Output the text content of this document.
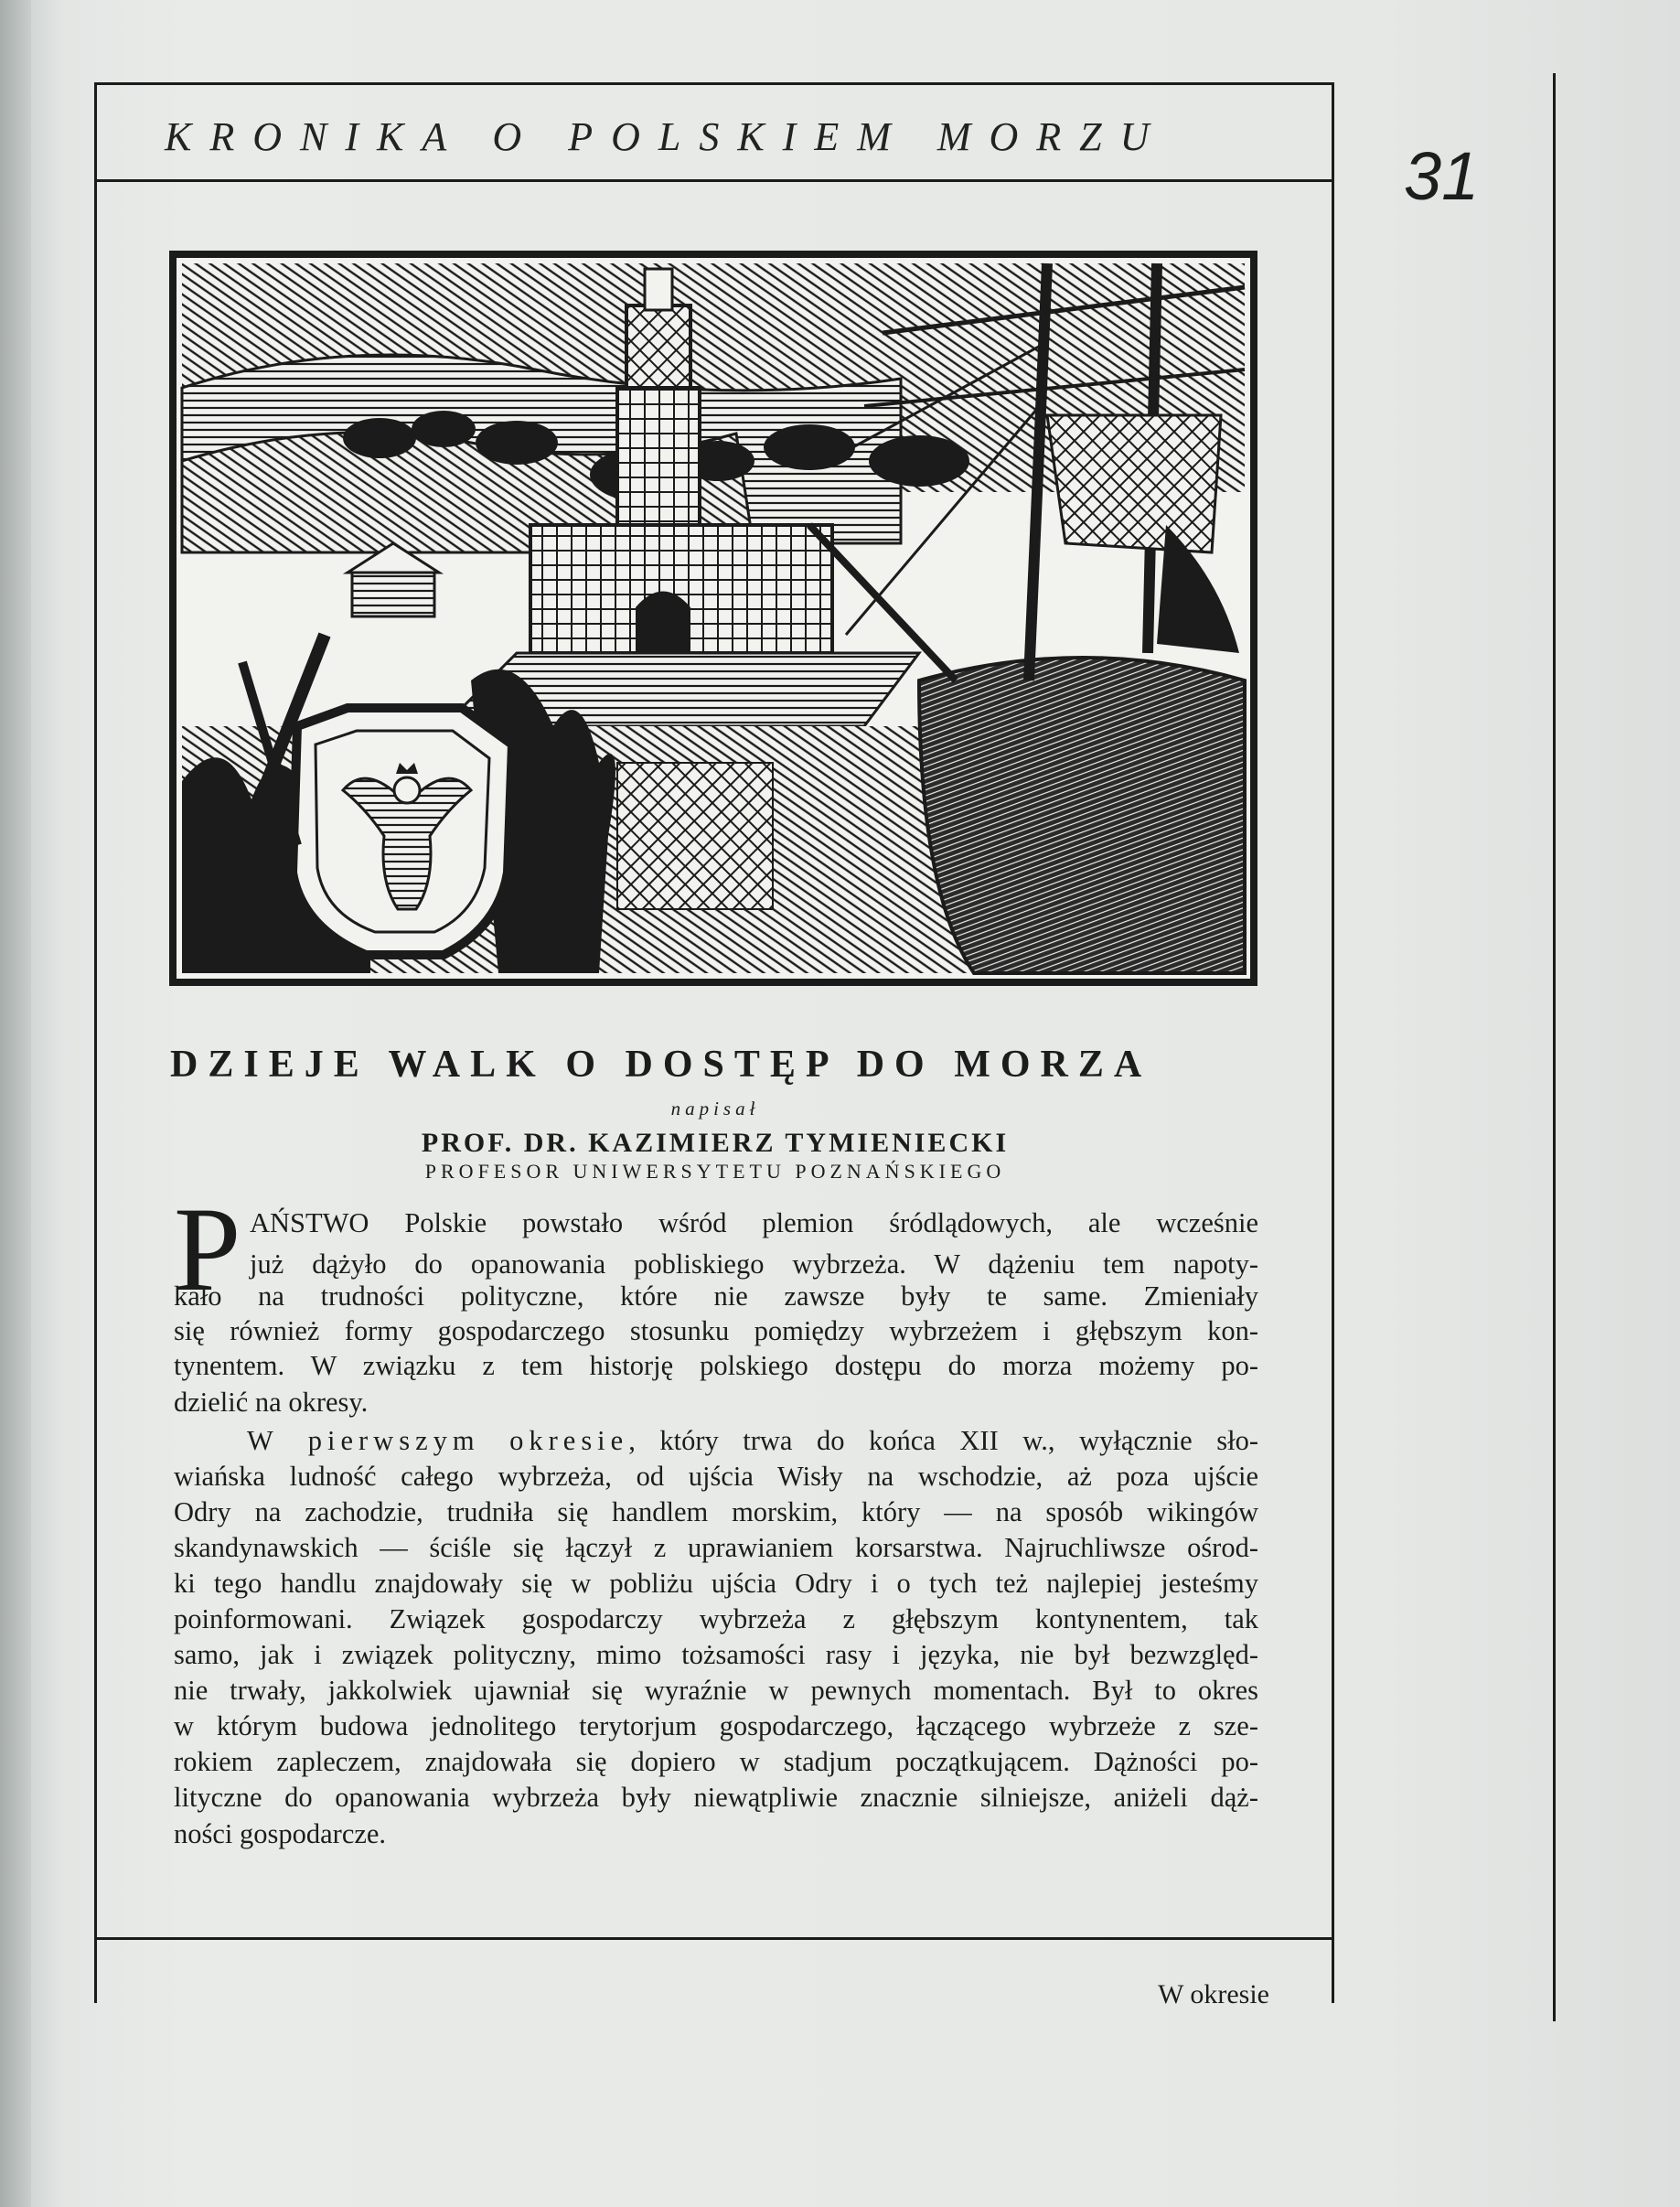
KRONIKA O POLSKIEM MORZU
31
DZIEJE WALK O DOSTĘP DO MORZA
napisał
PROF. DR. KAZIMIERZ TYMIENIECKI
PROFESOR UNIWERSYTETU POZNAŃSKIEGO
P AŃSTWO Polskie powstało wśród plemion śródlądowych, ale wcześnie
już dążyło do opanowania pobliskiego wybrzeża. W dążeniu tem napoty-
kało na trudności polityczne, które nie zawsze były te same. Zmieniały
się również formy gospodarczego stosunku pomiędzy wybrzeżem i głębszym kon-
tynentem. W związku z tem historję polskiego dostępu do morza możemy po-
dzielić na okresy.
W pierwszym okresie, który trwa do końca XII w., wyłącznie sło-
wiańska ludność całego wybrzeża, od ujścia Wisły na wschodzie, aż poza ujście
Odry na zachodzie, trudniła się handlem morskim, który — na sposób wikingów
skandynawskich — ściśle się łączył z uprawianiem korsarstwa. Najruchliwsze ośrod-
ki tego handlu znajdowały się w pobliżu ujścia Odry i o tych też najlepiej jesteśmy
poinformowani. Związek gospodarczy wybrzeża z głębszym kontynentem, tak
samo, jak i związek polityczny, mimo tożsamości rasy i języka, nie był bezwzględ-
nie trwały, jakkolwiek ujawniał się wyraźnie w pewnych momentach. Był to okres
w którym budowa jednolitego terytorjum gospodarczego, łączącego wybrzeże z sze-
rokiem zapleczem, znajdowała się dopiero w stadjum początkującem. Dążności po-
lityczne do opanowania wybrzeża były niewątpliwie znacznie silniejsze, aniżeli dąż-
ności gospodarcze.
W okresie
